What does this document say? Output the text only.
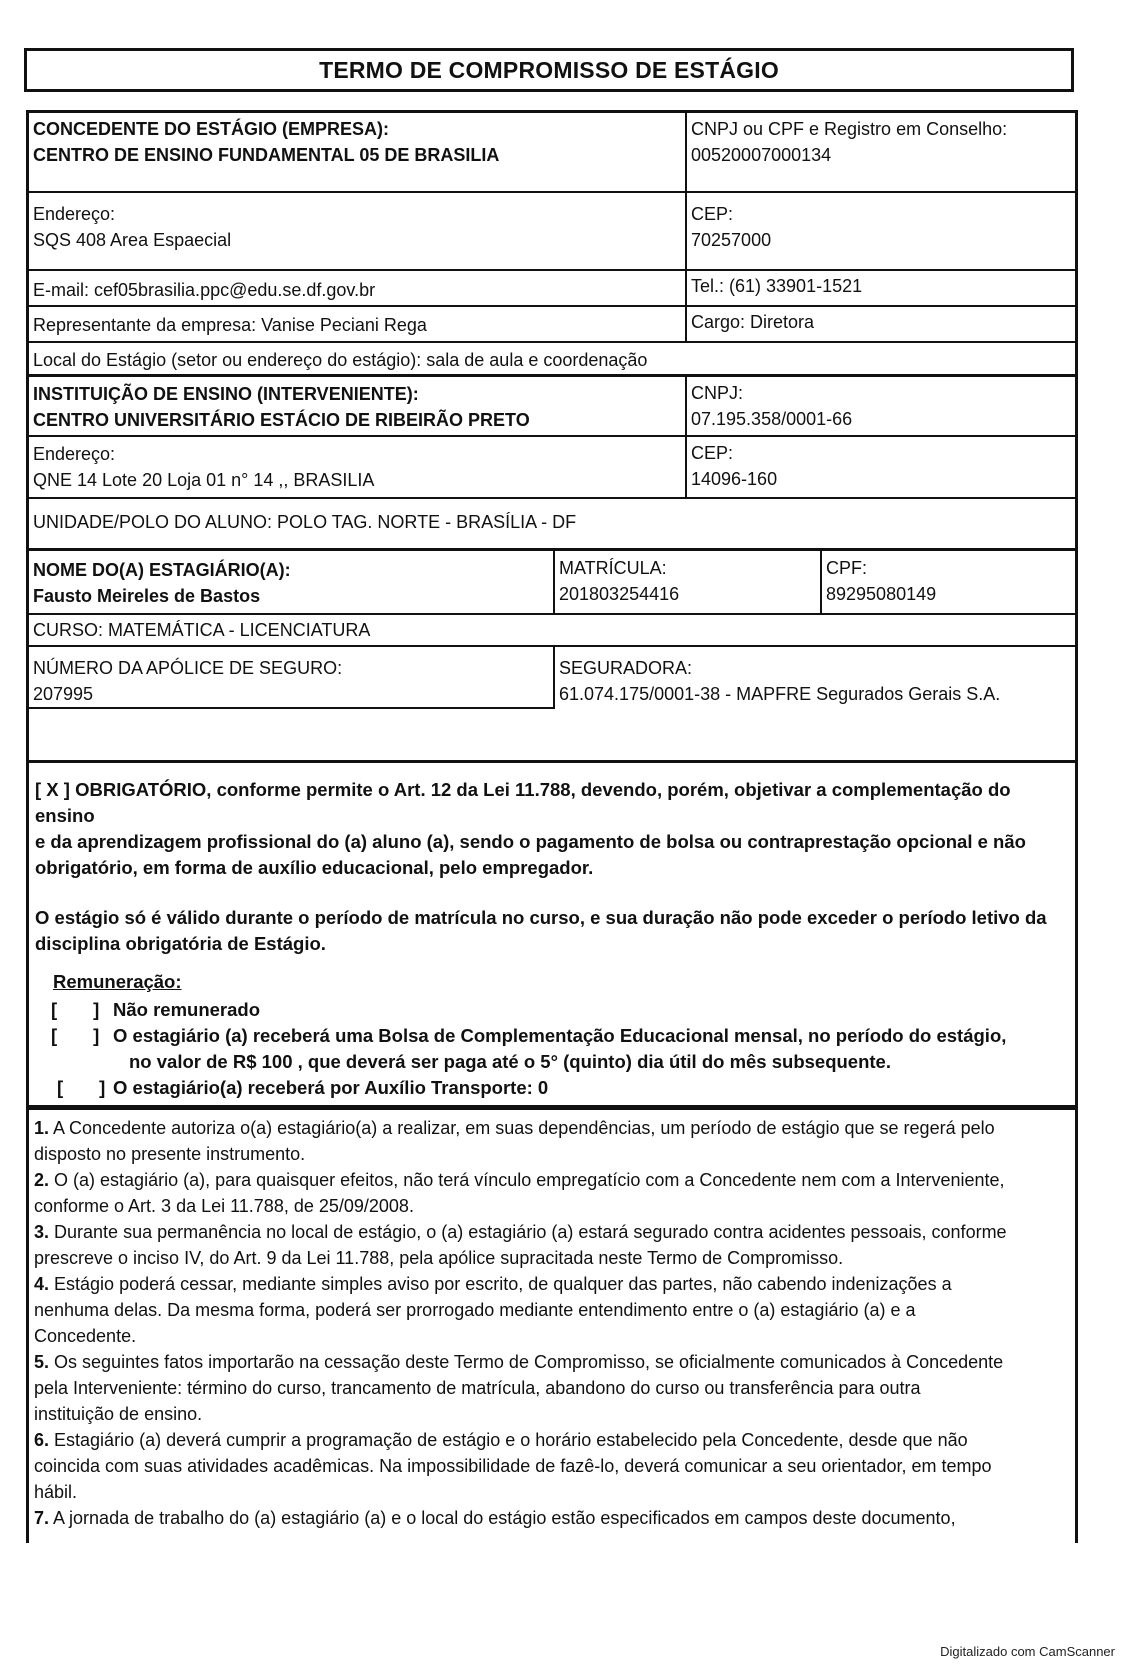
TERMO DE COMPROMISSO DE ESTÁGIO
CONCEDENTE DO ESTÁGIO (EMPRESA):
CENTRO DE ENSINO FUNDAMENTAL 05 DE BRASILIA
CNPJ ou CPF e Registro em Conselho:
00520007000134
Endereço:
SQS 408 Area Espaecial
CEP:
70257000
E-mail: cef05brasilia.ppc@edu.se.df.gov.br	Tel.: (61) 33901-1521
Representante da empresa: Vanise Peciani Rega	Cargo: Diretora
Local do Estágio (setor ou endereço do estágio): sala de aula e coordenação
INSTITUIÇÃO DE ENSINO (INTERVENIENTE):
CENTRO UNIVERSITÁRIO ESTÁCIO DE RIBEIRÃO PRETO
CNPJ:
07.195.358/0001-66
Endereço:
QNE 14 Lote 20 Loja 01 n° 14 ,, BRASILIA
CEP:
14096-160
UNIDADE/POLO DO ALUNO: POLO TAG. NORTE - BRASÍLIA - DF
NOME DO(A) ESTAGIÁRIO(A):
Fausto Meireles de Bastos
MATRÍCULA:
201803254416
CPF:
89295080149
CURSO: MATEMÁTICA - LICENCIATURA
NÚMERO DA APÓLICE DE SEGURO:
207995
SEGURADORA:
61.074.175/0001-38 - MAPFRE Segurados Gerais S.A.

[ X ] OBRIGATÓRIO, conforme permite o Art. 12 da Lei 11.788, devendo, porém, objetivar a complementação do ensino

e da aprendizagem profissional do (a) aluno (a), sendo o pagamento de bolsa ou contraprestação opcional e não

obrigatório, em forma de auxílio educacional, pelo empregador.

O estágio só é válido durante o período de matrícula no curso, e sua duração não pode exceder o período letivo da

disciplina obrigatória de Estágio.

Remuneração:
[       ] Não remunerado
[       ] O estagiário (a) receberá uma Bolsa de Complementação Educacional mensal, no período do estágio,
no valor de R$ 100 , que deverá ser paga até o 5° (quinto) dia útil do mês subsequente.
[       ] O estagiário(a) receberá por Auxílio Transporte: 0

1. A Concedente autoriza o(a) estagiário(a) a realizar, em suas dependências, um período de estágio que se regerá pelo

disposto no presente instrumento.

2. O (a) estagiário (a), para quaisquer efeitos, não terá vínculo empregatício com a Concedente nem com a Interveniente,

conforme o Art. 3 da Lei 11.788, de 25/09/2008.

3. Durante sua permanência no local de estágio, o (a) estagiário (a) estará segurado contra acidentes pessoais, conforme

prescreve o inciso IV, do Art. 9 da Lei 11.788, pela apólice supracitada neste Termo de Compromisso.

4. Estágio poderá cessar, mediante simples aviso por escrito, de qualquer das partes, não cabendo indenizações a

nenhuma delas. Da mesma forma, poderá ser prorrogado mediante entendimento entre o (a) estagiário (a) e a

Concedente.

5. Os seguintes fatos importarão na cessação deste Termo de Compromisso, se oficialmente comunicados à Concedente

pela Interveniente: término do curso, trancamento de matrícula, abandono do curso ou transferência para outra

instituição de ensino.

6. Estagiário (a) deverá cumprir a programação de estágio e o horário estabelecido pela Concedente, desde que não

coincida com suas atividades acadêmicas. Na impossibilidade de fazê-lo, deverá comunicar a seu orientador, em tempo

hábil.

7. A jornada de trabalho do (a) estagiário (a) e o local do estágio estão especificados em campos deste documento,

Digitalizado com CamScanner
